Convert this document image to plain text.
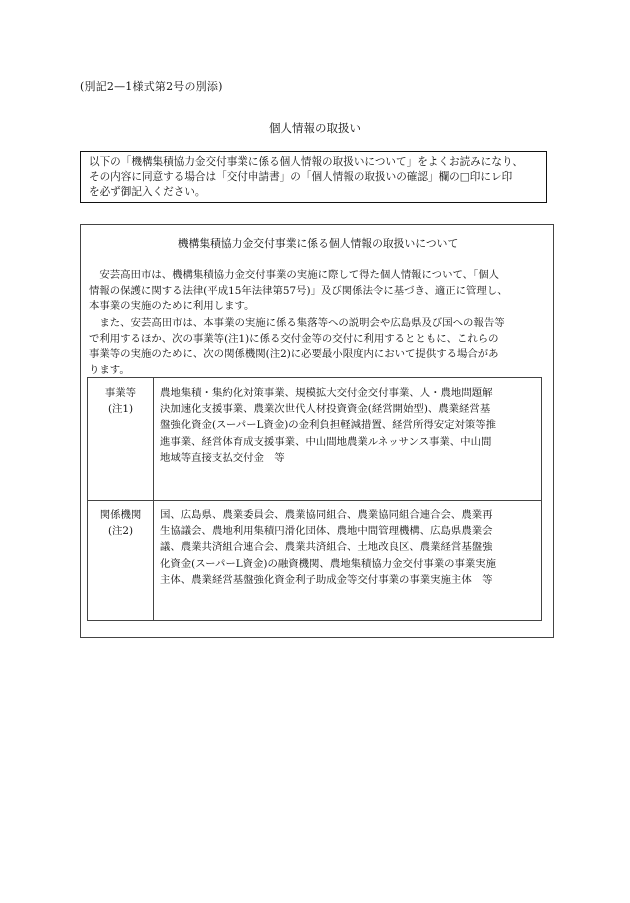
(別記2—1様式第2号の別添)
個人情報の取扱い
以下の「機構集積協力金交付事業に係る個人情報の取扱いについて」をよくお読みになり、
その内容に同意する場合は「交付申請書」の「個人情報の取扱いの確認」欄の□印にレ印
を必ず御記入ください。
機構集積協力金交付事業に係る個人情報の取扱いについて
　安芸高田市は、機構集積協力金交付事業の実施に際して得た個人情報について、「個人
情報の保護に関する法律(平成15年法律第57号)」及び関係法令に基づき、適正に管理し、
本事業の実施のために利用します。
　また、安芸高田市は、本事業の実施に係る集落等への説明会や広島県及び国への報告等
で利用するほか、次の事業等(注1)に係る交付金等の交付に利用するとともに、これらの
事業等の実施のために、次の関係機関(注2)に必要最小限度内において提供する場合があ
ります。
事業等
(注1)
農地集積・集約化対策事業、規模拡大交付金交付事業、人・農地問題解
決加速化支援事業、農業次世代人材投資資金(経営開始型)、農業経営基
盤強化資金(スーパーL資金)の金利負担軽減措置、経営所得安定対策等推
進事業、経営体育成支援事業、中山間地農業ルネッサンス事業、中山間
地域等直接支払交付金　等
関係機関
(注2)
国、広島県、農業委員会、農業協同組合、農業協同組合連合会、農業再
生協議会、農地利用集積円滑化団体、農地中間管理機構、広島県農業会
議、農業共済組合連合会、農業共済組合、土地改良区、農業経営基盤強
化資金(スーパーL資金)の融資機関、農地集積協力金交付事業の事業実施
主体、農業経営基盤強化資金利子助成金等交付事業の事業実施主体　等
